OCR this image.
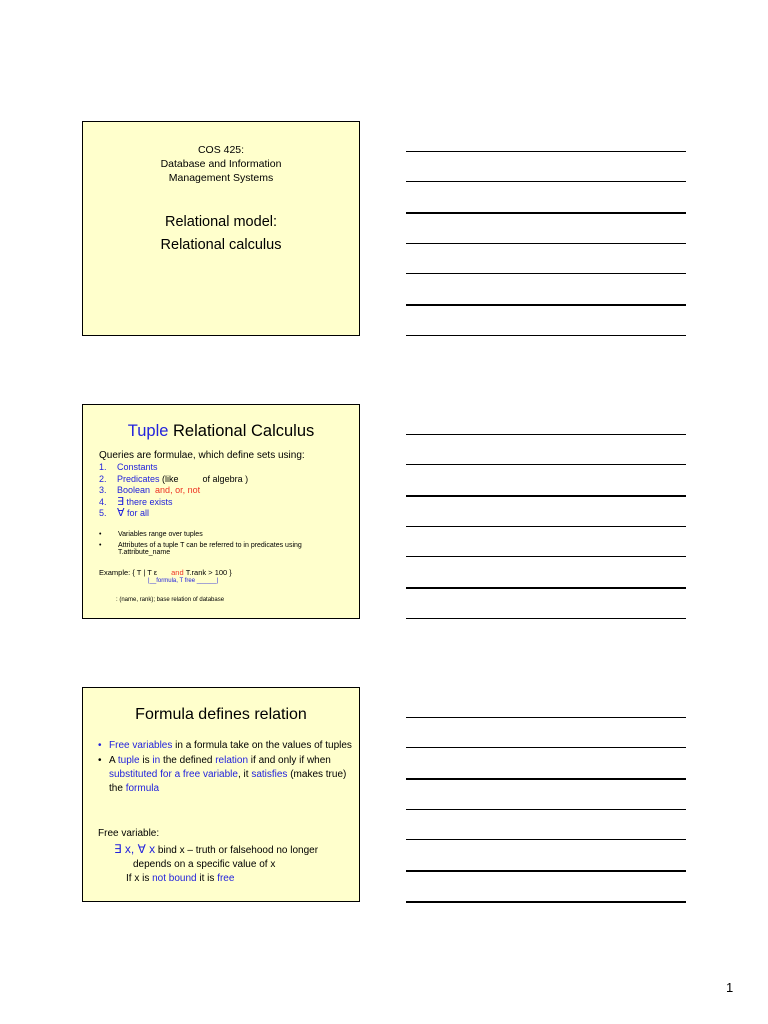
COS 425:
Database and Information
Management Systems
Relational model:
Relational calculus
Tuple Relational Calculus
Queries are formulae, which define sets using:
1. Constants
2. Predicates (like	of algebra )
3. Boolean and, or, not
4. ∃ there exists
5. ∀ for all
• Variables range over tuples
• Attributes of a tuple T can be referred to in predicates using
T.attribute_name
Example: { T | T ε and T.rank > 100 }
|__formula, T free ______|
: (name, rank); base relation of database
Formula defines relation
• Free variables in a formula take on the values of tuples
• A tuple is in the defined relation if and only if when substituted for a free variable, it satisfies (makes true) the formula
Free variable:
∃ x, ∀ x bind x – truth or falsehood no longer
depends on a specific value of x
If x is not bound it is free
1
